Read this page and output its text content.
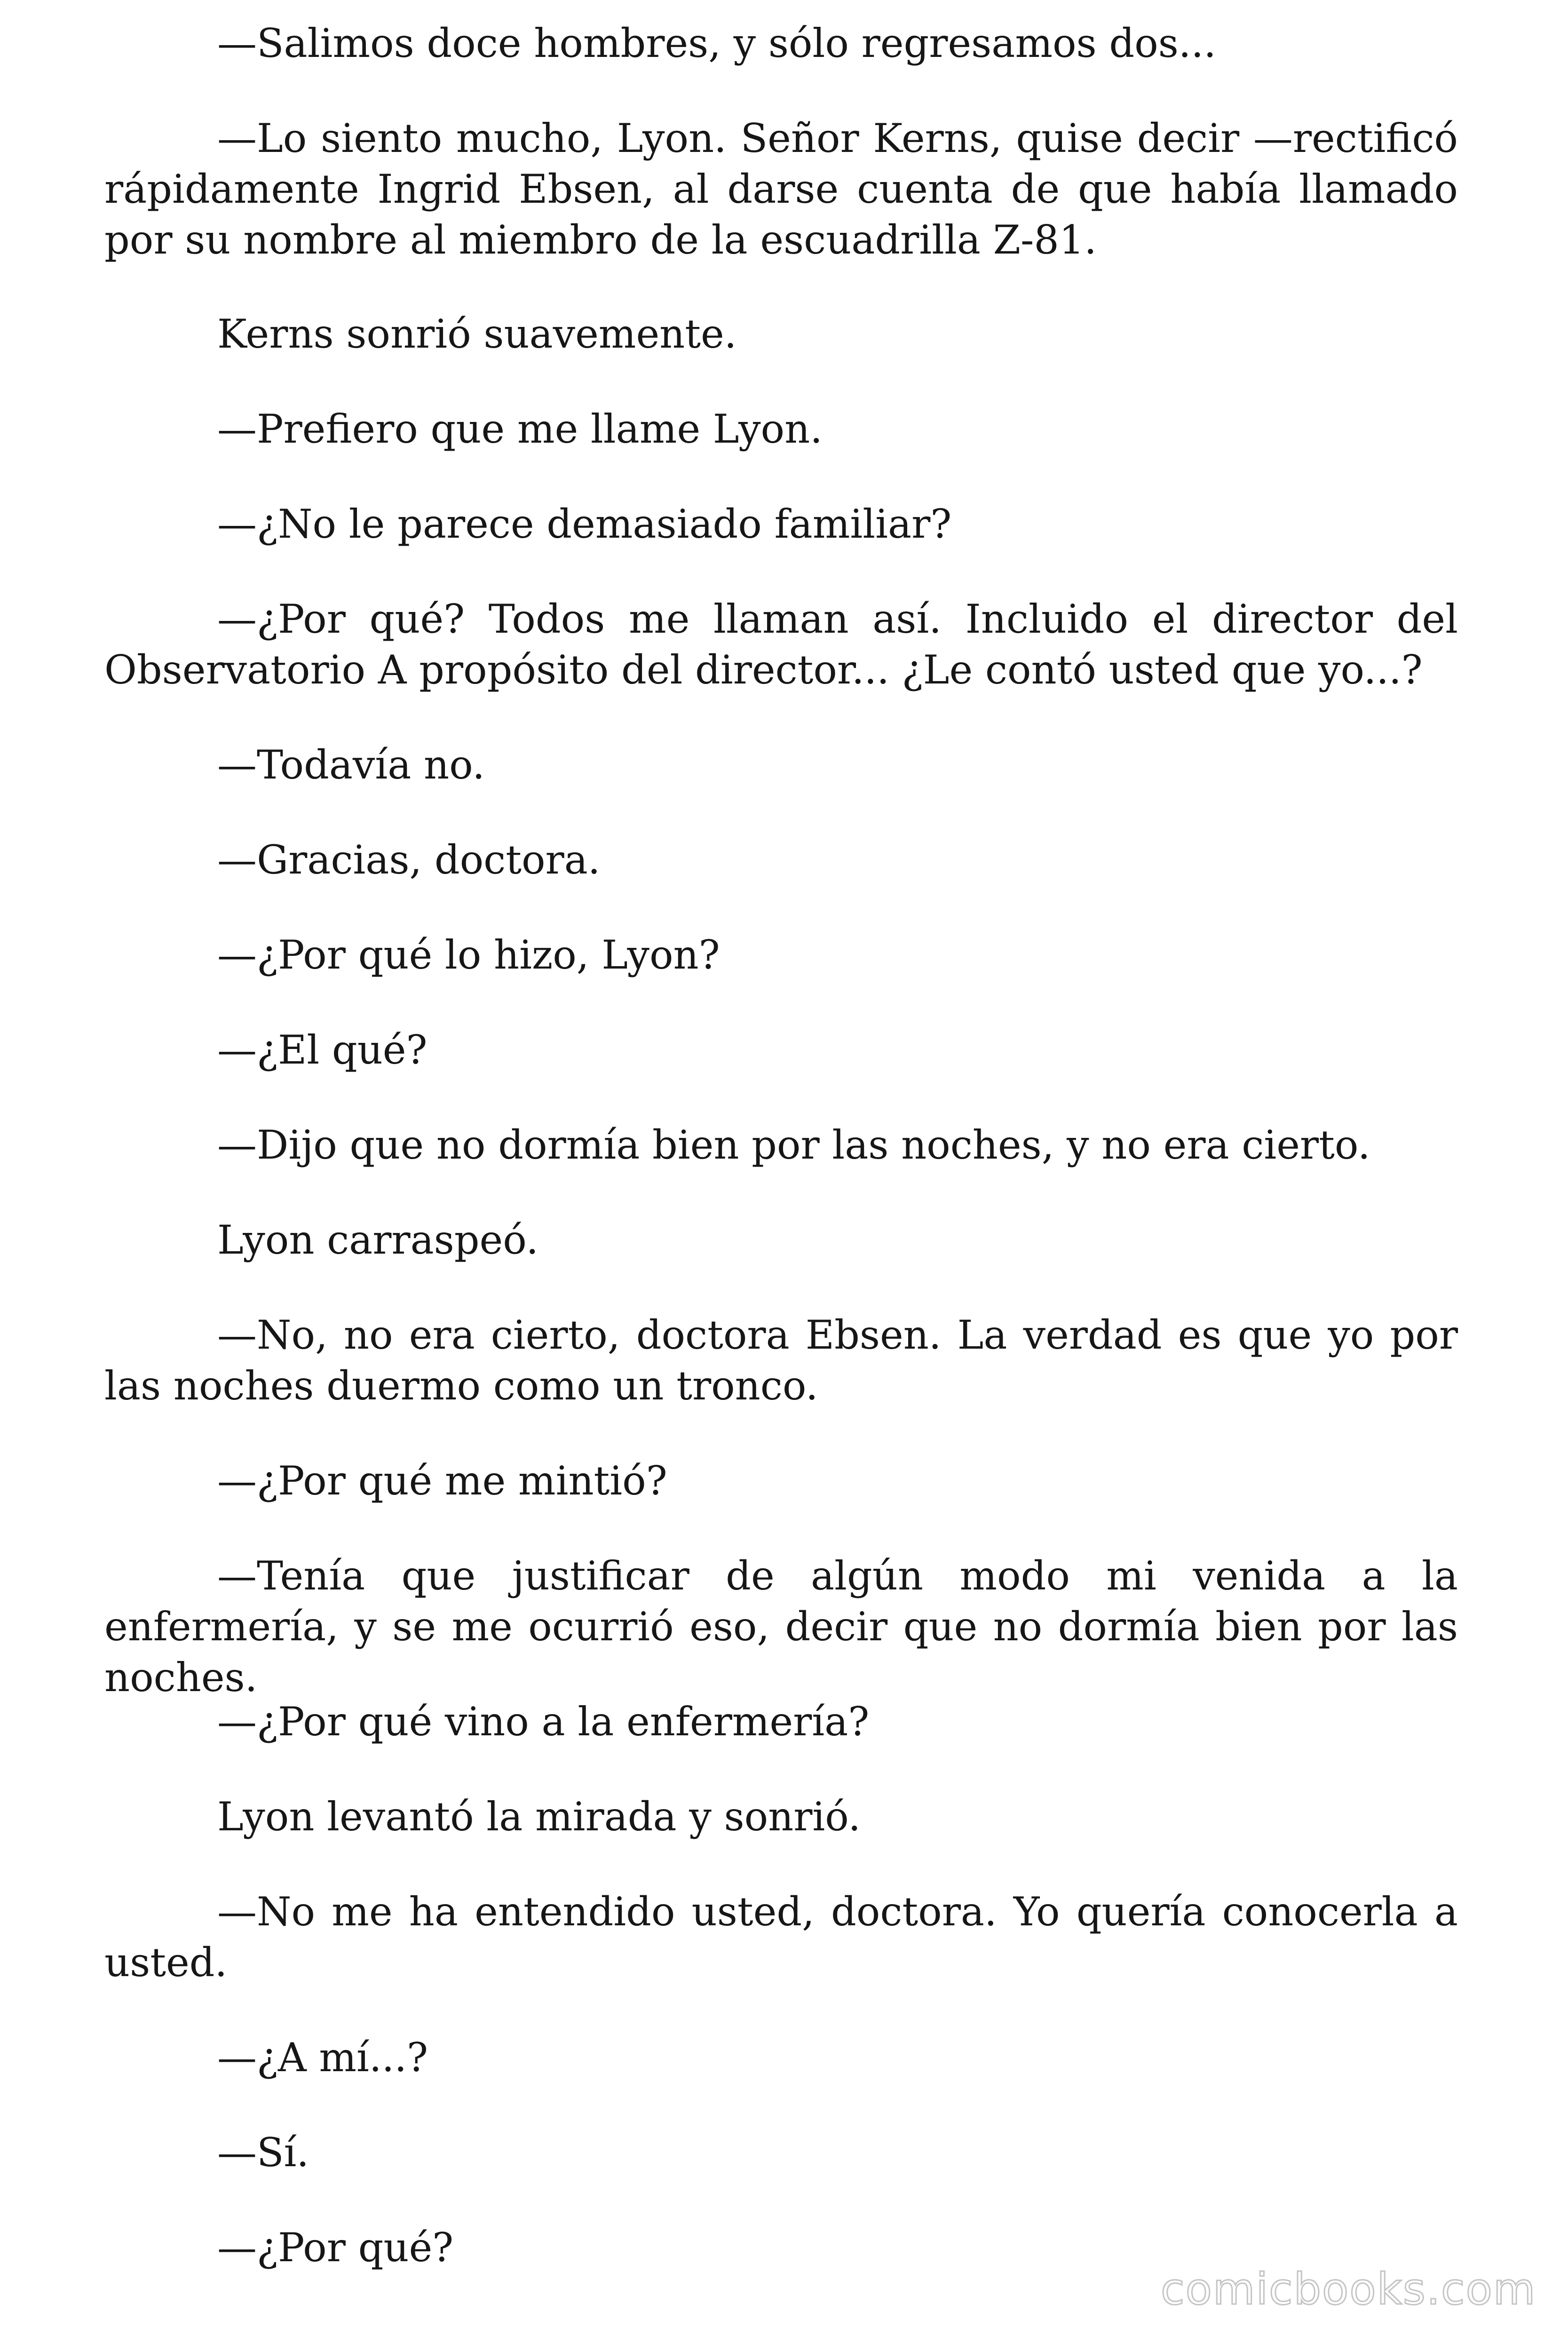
—Salimos doce hombres, y sólo regresamos dos...

—Lo siento mucho, Lyon. Señor Kerns, quise decir —rectificó rápidamente Ingrid Ebsen, al darse cuenta de que había llamado por su nombre al miembro de la escuadrilla Z-81.

Kerns sonrió suavemente.

—Prefiero que me llame Lyon.

—¿No le parece demasiado familiar?

—¿Por qué? Todos me llaman así. Incluido el director del Observatorio A propósito del director... ¿Le contó usted que yo...?

—Todavía no.

—Gracias, doctora.

—¿Por qué lo hizo, Lyon?

—¿El qué?

—Dijo que no dormía bien por las noches, y no era cierto.

Lyon carraspeó.

—No, no era cierto, doctora Ebsen. La verdad es que yo por las noches duermo como un tronco.

—¿Por qué me mintió?

—Tenía que justificar de algún modo mi venida a la enfermería, y se me ocurrió eso, decir que no dormía bien por las noches.

—¿Por qué vino a la enfermería?

Lyon levantó la mirada y sonrió.

—No me ha entendido usted, doctora. Yo quería conocerla a usted.

—¿A mí...?

—Sí.

—¿Por qué?

comicbooks.com
